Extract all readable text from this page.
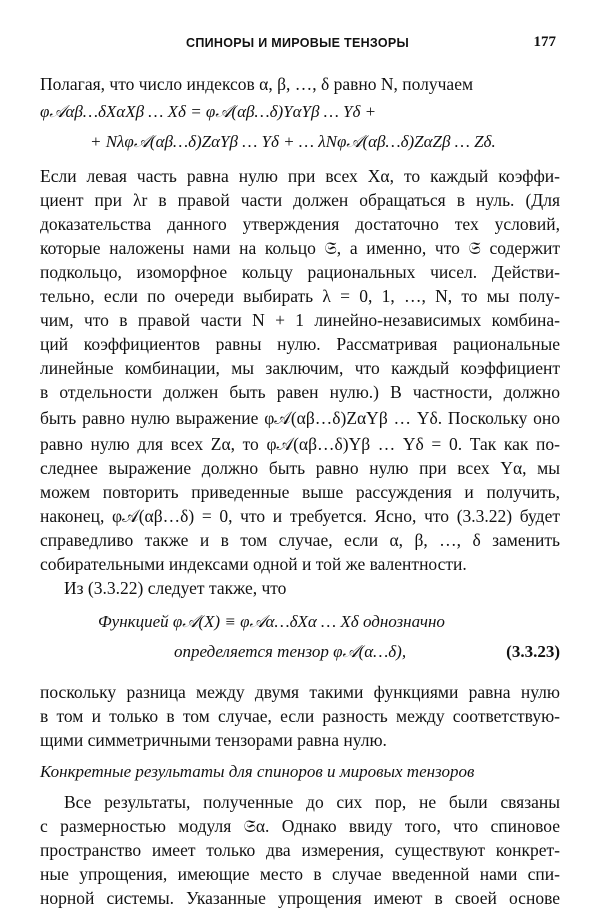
СПИНОРЫ И МИРОВЫЕ ТЕНЗОРЫ	177
Полагая, что число индексов α, β, …, δ равно N, получаем
φ𝒜αβ…δXαXβ … Xδ = φ𝒜(αβ…δ)YαYβ … Yδ +
+ Nλφ𝒜(αβ…δ)ZαYβ … Yδ + … λNφ𝒜(αβ…δ)ZαZβ … Zδ.
Если левая часть равна нулю при всех Xα, то каждый коэффи-
циент при λr в правой части должен обращаться в нуль. (Для
доказательства данного утверждения достаточно тех условий,
которые наложены нами на кольцо 𝔖, а именно, что 𝔖 содержит
подкольцо, изоморфное кольцу рациональных чисел. Действи-
тельно, если по очереди выбирать λ = 0, 1, …, N, то мы полу-
чим, что в правой части N + 1 линейно-независимых комбина-
ций коэффициентов равны нулю. Рассматривая рациональные
линейные комбинации, мы заключим, что каждый коэффициент
в отдельности должен быть равен нулю.) В частности, должно
быть равно нулю выражение φ𝒜(αβ…δ)ZαYβ … Yδ. Поскольку оно
равно нулю для всех Zα, то φ𝒜(αβ…δ)Yβ … Yδ = 0. Так как по-
следнее выражение должно быть равно нулю при всех Yα, мы
можем повторить приведенные выше рассуждения и получить,
наконец, φ𝒜(αβ…δ) = 0, что и требуется. Ясно, что (3.3.22) будет
справедливо также и в том случае, если α, β, …, δ заменить
собирательными индексами одной и той же валентности.
Из (3.3.22) следует также, что
Функцией φ𝒜(X) ≡ φ𝒜α…δXα … Xδ однозначно
определяется тензор φ𝒜(α…δ),	(3.3.23)
поскольку разница между двумя такими функциями равна нулю
в том и только в том случае, если разность между соответствую-
щими симметричными тензорами равна нулю.
Конкретные результаты для спиноров и мировых тензоров
Все результаты, полученные до сих пор, не были связаны
с размерностью модуля 𝔖α. Однако ввиду того, что спиновое
пространство имеет только два измерения, существуют конкрет-
ные упрощения, имеющие место в случае введенной нами спи-
норной системы. Указанные упрощения имеют в своей основе
